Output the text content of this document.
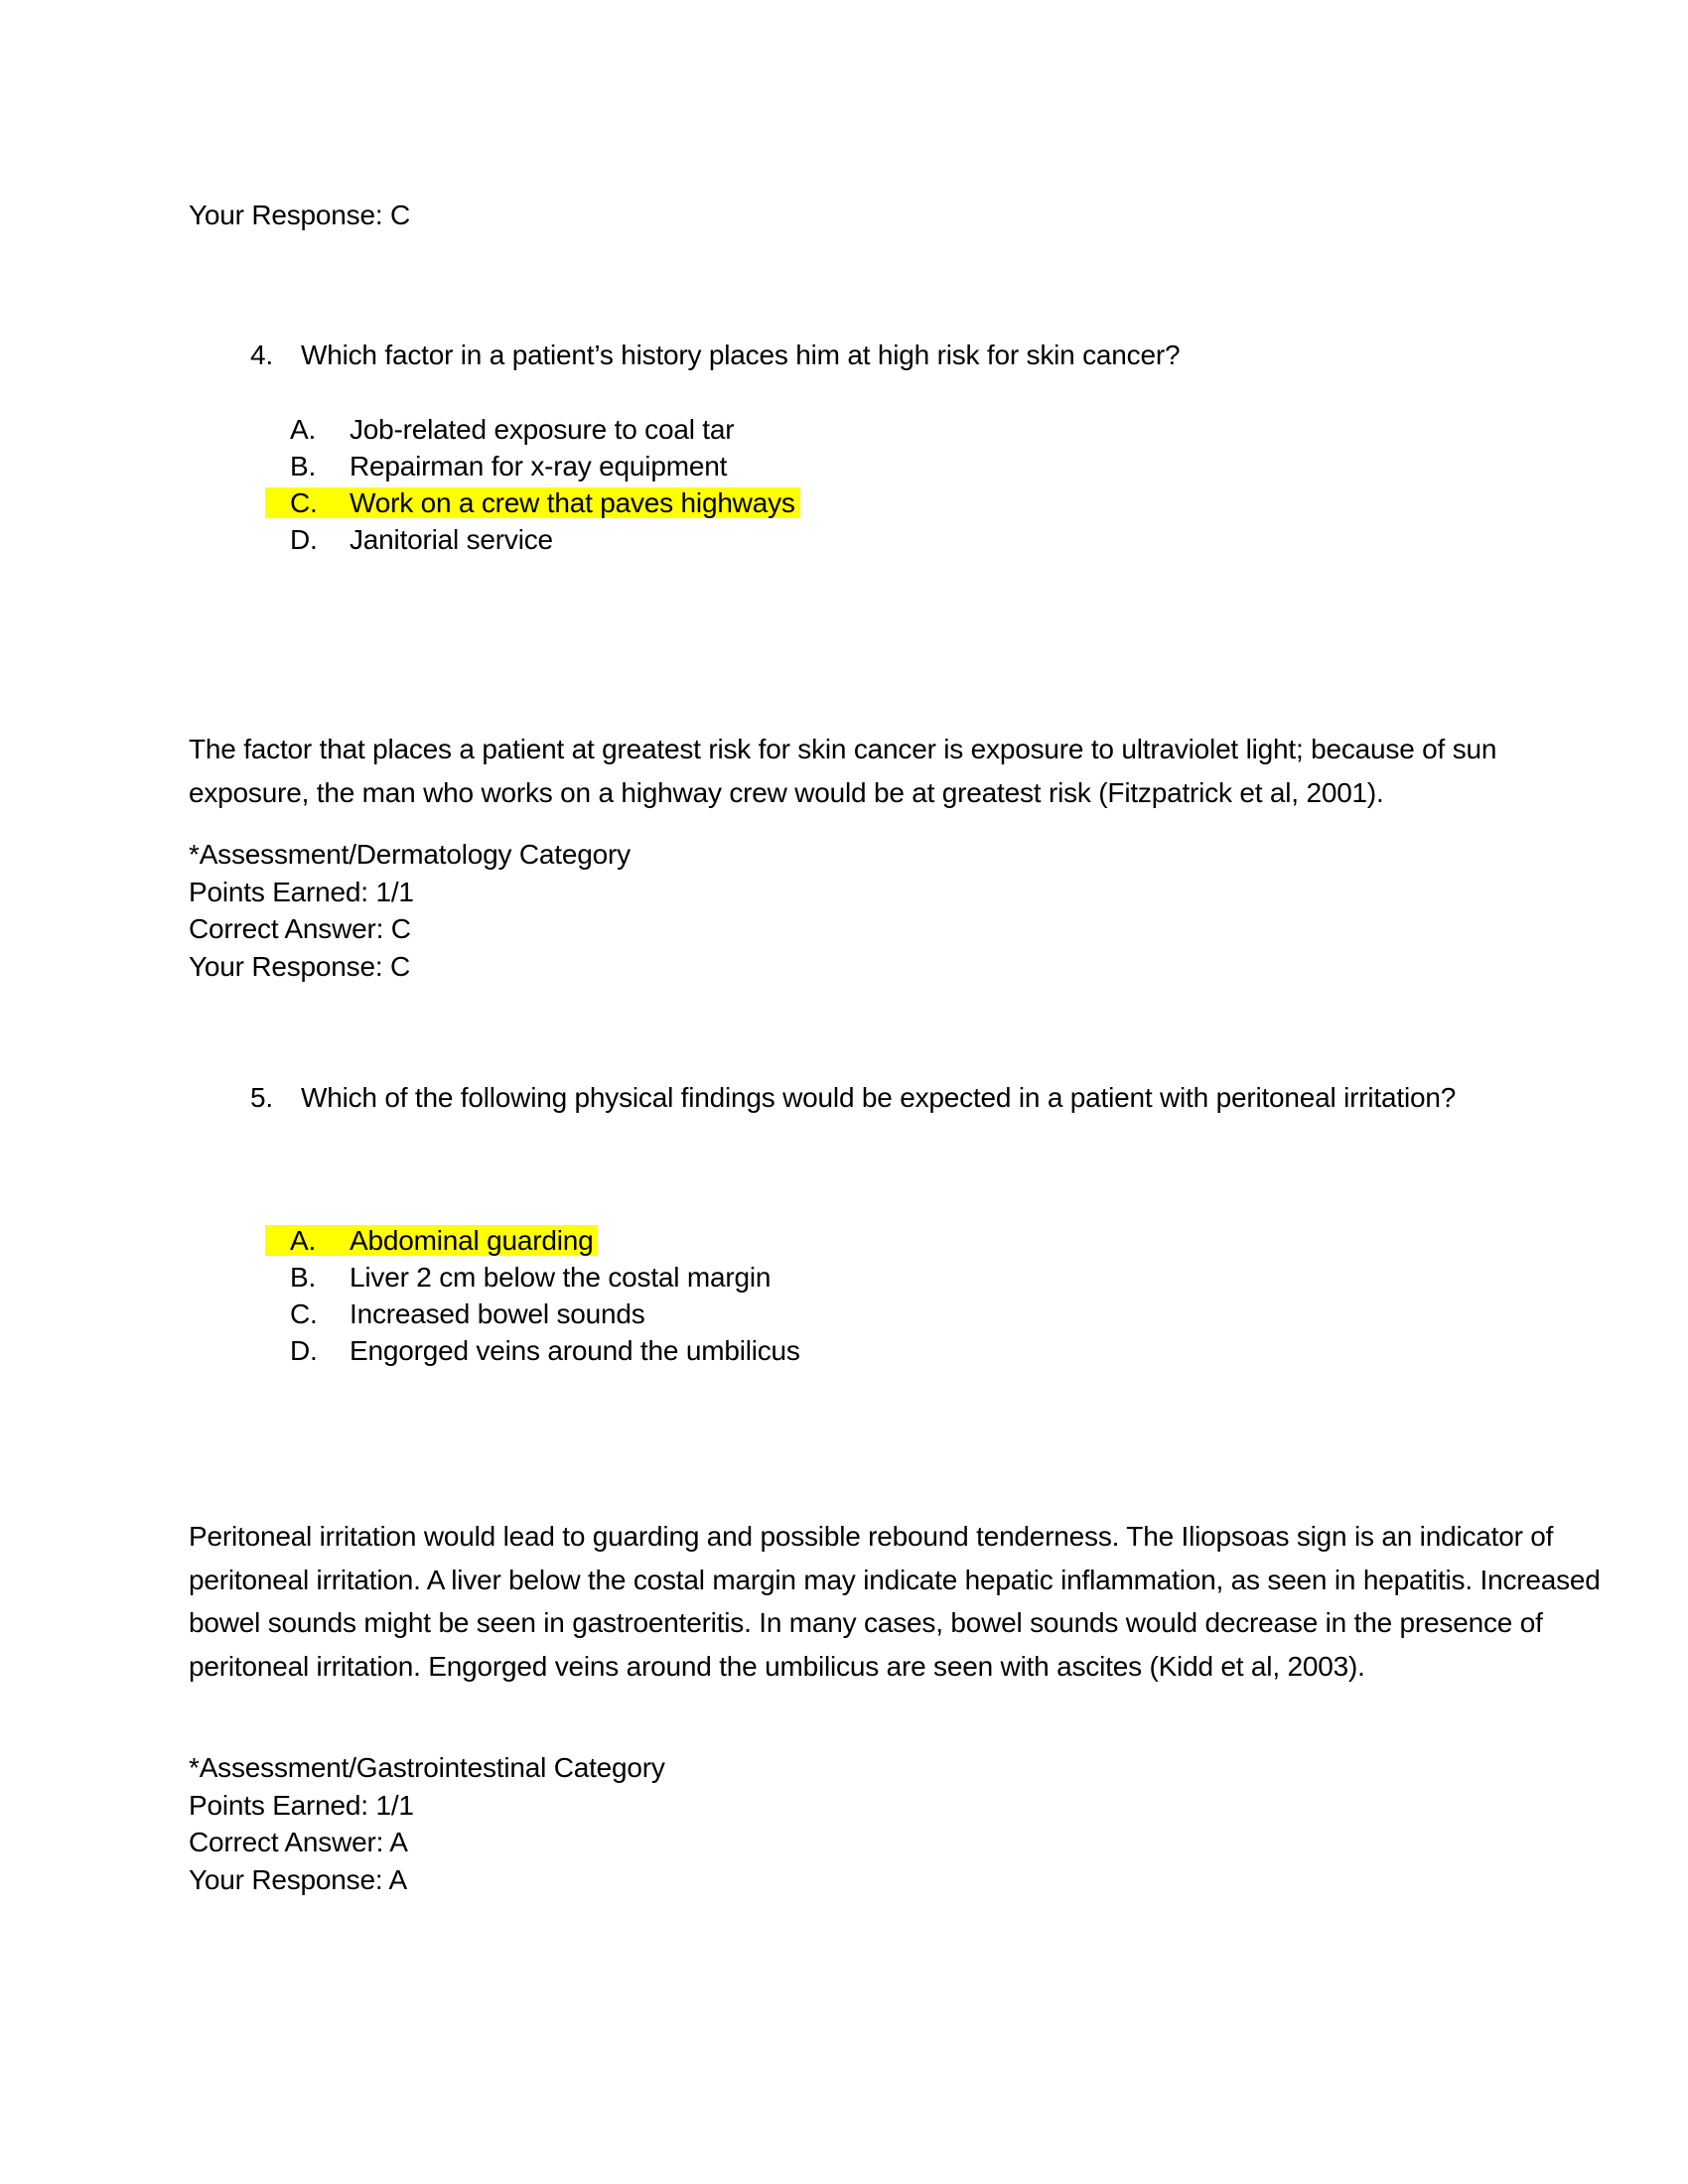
Your Response: C
4. Which factor in a patient’s history places him at high risk for skin cancer?
A. Job-related exposure to coal tar
B. Repairman for x-ray equipment
C. Work on a crew that paves highways
D. Janitorial service
The factor that places a patient at greatest risk for skin cancer is exposure to ultraviolet light; because of sun exposure, the man who works on a highway crew would be at greatest risk (Fitzpatrick et al, 2001).
*Assessment/Dermatology Category
Points Earned: 1/1
Correct Answer: C
Your Response: C
5. Which of the following physical findings would be expected in a patient with peritoneal irritation?
A. Abdominal guarding
B. Liver 2 cm below the costal margin
C. Increased bowel sounds
D. Engorged veins around the umbilicus
Peritoneal irritation would lead to guarding and possible rebound tenderness. The Iliopsoas sign is an indicator of peritoneal irritation. A liver below the costal margin may indicate hepatic inflammation, as seen in hepatitis. Increased bowel sounds might be seen in gastroenteritis. In many cases, bowel sounds would decrease in the presence of peritoneal irritation. Engorged veins around the umbilicus are seen with ascites (Kidd et al, 2003).
*Assessment/Gastrointestinal Category
Points Earned: 1/1
Correct Answer: A
Your Response: A
